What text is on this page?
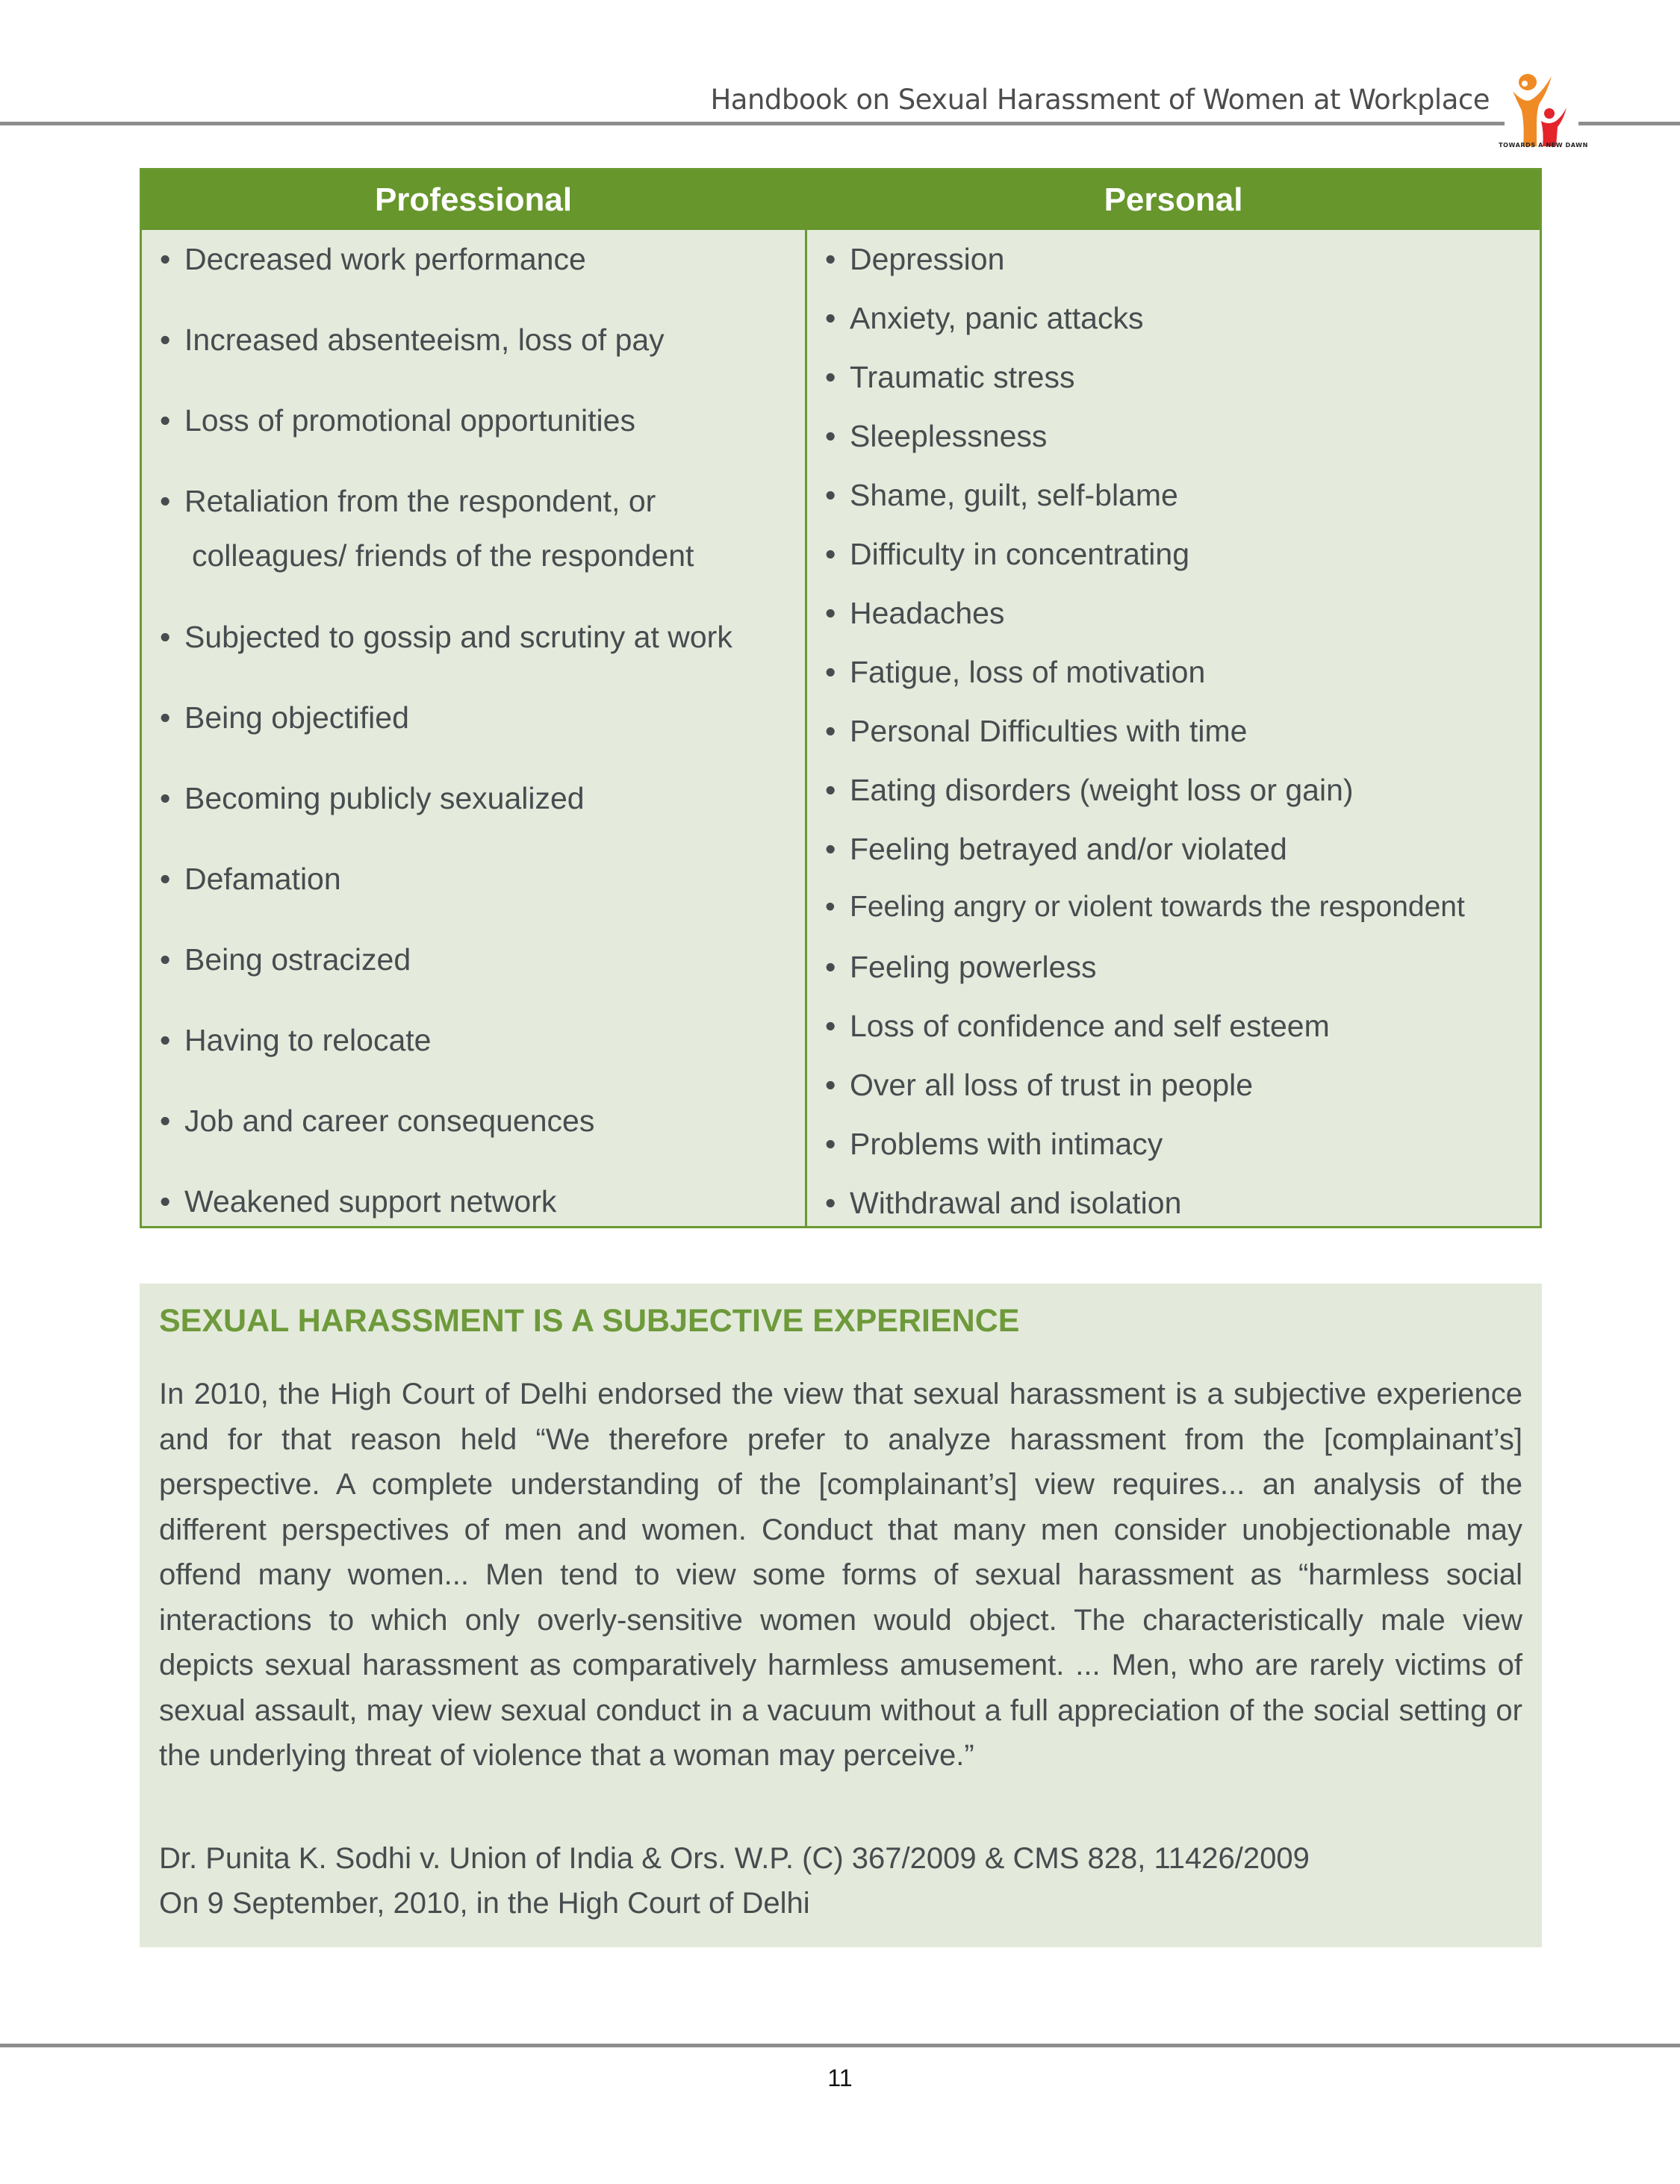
Handbook on Sexual Harassment of Women at Workplace
TOWARDS A NEW DAWN
Professional	Personal
• Decreased work performance
• Increased absenteeism, loss of pay
• Loss of promotional opportunities
• Retaliation from the respondent, or
colleagues/ friends of the respondent
• Subjected to gossip and scrutiny at work
• Being objectified
• Becoming publicly sexualized
• Defamation
• Being ostracized
• Having to relocate
• Job and career consequences
• Weakened support network
• Depression
• Anxiety, panic attacks
• Traumatic stress
• Sleeplessness
• Shame, guilt, self-blame
• Difficulty in concentrating
• Headaches
• Fatigue, loss of motivation
• Personal Difficulties with time
• Eating disorders (weight loss or gain)
• Feeling betrayed and/or violated
• Feeling angry or violent towards the respondent
• Feeling powerless
• Loss of confidence and self esteem
• Over all loss of trust in people
• Problems with intimacy
• Withdrawal and isolation
SEXUAL HARASSMENT IS A SUBJECTIVE EXPERIENCE
In 2010, the High Court of Delhi endorsed the view that sexual harassment is a subjective experience and for that reason held “We therefore prefer to analyze harassment from the [complainant’s] perspective. A complete understanding of the [complainant’s] view requires... an analysis of the different perspectives of men and women. Conduct that many men consider unobjectionable may offend many women... Men tend to view some forms of sexual harassment as “harmless social interactions to which only overly-sensitive women would object. The characteristically male view depicts sexual harassment as comparatively harmless amusement. ... Men, who are rarely victims of sexual assault, may view sexual conduct in a vacuum without a full appreciation of the social setting or the underlying threat of violence that a woman may perceive.”
Dr. Punita K. Sodhi v. Union of India & Ors. W.P. (C) 367/2009 & CMS 828, 11426/2009
On 9 September, 2010, in the High Court of Delhi
11
